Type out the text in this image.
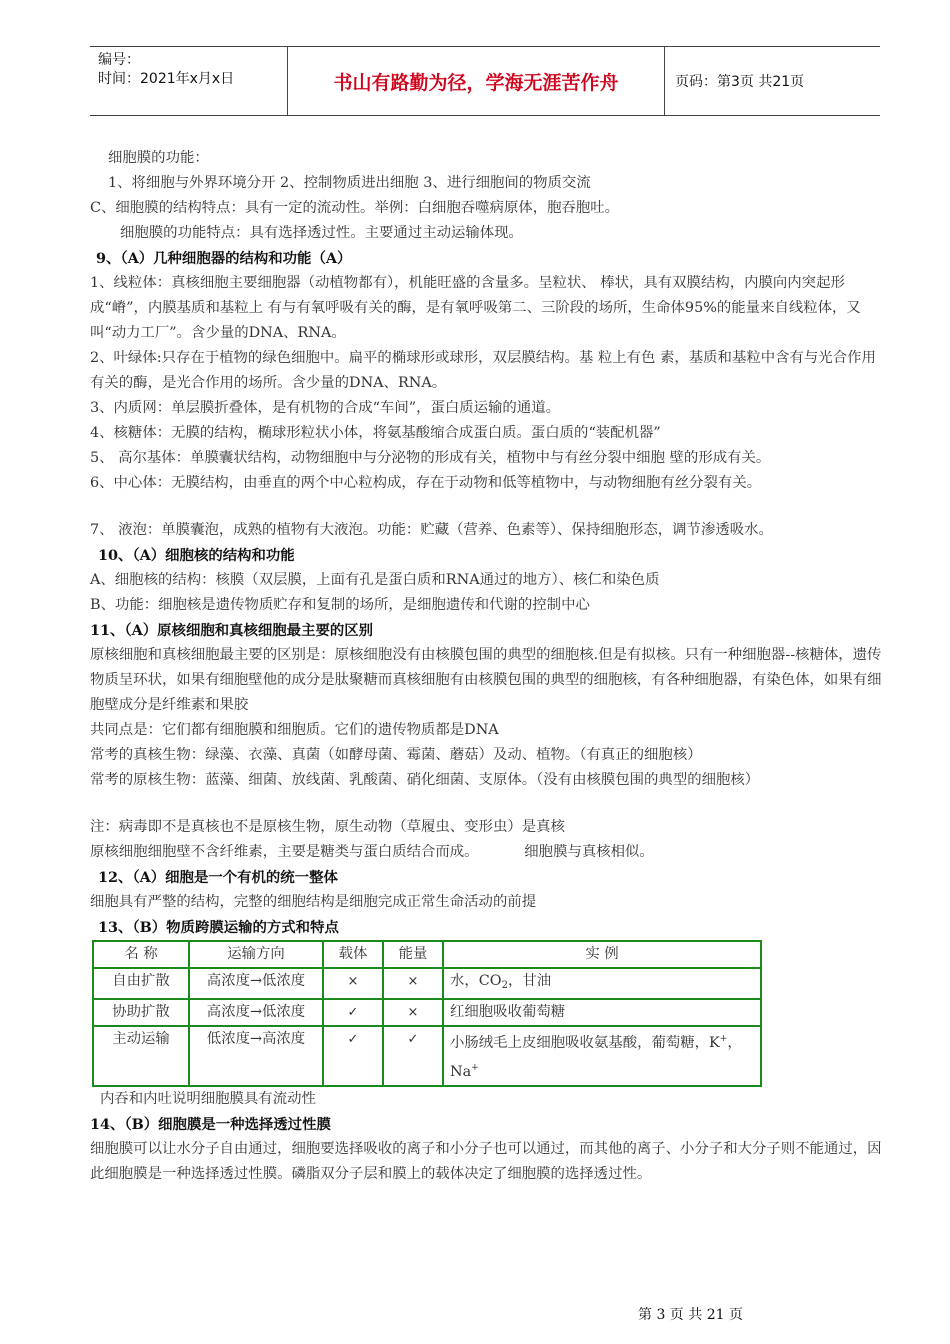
编号：
时间：2021年x月x日	书山有路勤为径，学海无涯苦作舟	页码：第3页 共21页

细胞膜的功能：

1、将细胞与外界环境分开 2、控制物质进出细胞 3、进行细胞间的物质交流

C、细胞膜的结构特点：具有一定的流动性。举例：白细胞吞噬病原体，胞吞胞吐。

细胞膜的功能特点：具有选择透过性。主要通过主动运输体现。

9、（A）几种细胞器的结构和功能（A）

1、线粒体：真核细胞主要细胞器（动植物都有），机能旺盛的含量多。呈粒状、 棒状，具有双膜结构，内膜向内突起形成“嵴”，内膜基质和基粒上 有与有氧呼吸有关的酶，是有氧呼吸第二、三阶段的场所，生命体95%的能量来自线粒体，又叫“动力工厂”。含少量的DNA、RNA。

2、叶绿体:只存在于植物的绿色细胞中。扁平的椭球形或球形，双层膜结构。基 粒上有色 素，基质和基粒中含有与光合作用有关的酶，是光合作用的场所。含少量的DNA、RNA。

3、内质网：单层膜折叠体，是有机物的合成“车间”，蛋白质运输的通道。

4、核糖体：无膜的结构，椭球形粒状小体，将氨基酸缩合成蛋白质。蛋白质的“装配机器”

5、 高尔基体：单膜囊状结构，动物细胞中与分泌物的形成有关，植物中与有丝分裂中细胞 壁的形成有关。

6、中心体：无膜结构，由垂直的两个中心粒构成，存在于动物和低等植物中，与动物细胞有丝分裂有关。

7、 液泡：单膜囊泡，成熟的植物有大液泡。功能：贮藏（营养、色素等）、保持细胞形态，调节渗透吸水。

10、（A）细胞核的结构和功能

A、细胞核的结构：核膜（双层膜，上面有孔是蛋白质和RNA通过的地方）、核仁和染色质

B、功能：细胞核是遗传物质贮存和复制的场所，是细胞遗传和代谢的控制中心

11、（A）原核细胞和真核细胞最主要的区别

原核细胞和真核细胞最主要的区别是：原核细胞没有由核膜包围的典型的细胞核.但是有拟核。只有一种细胞器--核糖体，遗传物质呈环状，如果有细胞壁他的成分是肽聚糖而真核细胞有由核膜包围的典型的细胞核，有各种细胞器，有染色体，如果有细胞壁成分是纤维素和果胶

共同点是：它们都有细胞膜和细胞质。它们的遗传物质都是DNA

常考的真核生物：绿藻、衣藻、真菌（如酵母菌、霉菌、蘑菇）及动、植物。（有真正的细胞核）

常考的原核生物：蓝藻、细菌、放线菌、乳酸菌、硝化细菌、支原体。（没有由核膜包围的典型的细胞核）

注：病毒即不是真核也不是原核生物，原生动物（草履虫、变形虫）是真核

原核细胞细胞壁不含纤维素，主要是糖类与蛋白质结合而成。          细胞膜与真核相似。

12、（A）细胞是一个有机的统一整体

细胞具有严整的结构，完整的细胞结构是细胞完成正常生命活动的前提

13、（B）物质跨膜运输的方式和特点

名 称	运输方向	载体	能量	实 例
自由扩散	高浓度→低浓度	×	×	水，$CO_2$，甘油
协助扩散	高浓度→低浓度	✓	×	红细胞吸收葡萄糖
主动运输	低浓度→高浓度	✓	✓	小肠绒毛上皮细胞吸收氨基酸，葡萄糖，K+，Na+

内吞和内吐说明细胞膜具有流动性

14、（B）细胞膜是一种选择透过性膜

细胞膜可以让水分子自由通过，细胞要选择吸收的离子和小分子也可以通过，而其他的离子、小分子和大分子则不能通过，因此细胞膜是一种选择透过性膜。磷脂双分子层和膜上的载体决定了细胞膜的选择透过性。

第 3 页 共 21 页
